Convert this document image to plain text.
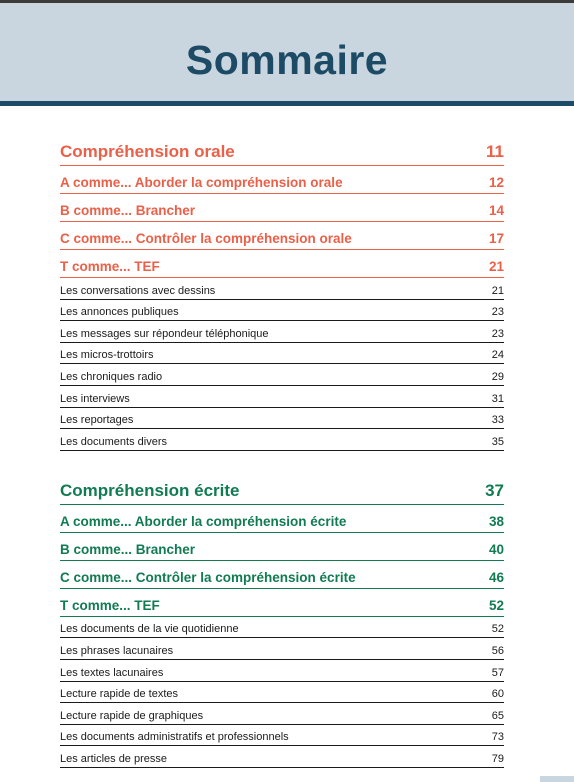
Sommaire
Compréhension orale	11
A comme... Aborder la compréhension orale	12
B comme... Brancher	14
C comme... Contrôler la compréhension orale	17
T comme... TEF	21
Les conversations avec dessins	21
Les annonces publiques	23
Les messages sur répondeur téléphonique	23
Les micros-trottoirs	24
Les chroniques radio	29
Les interviews	31
Les reportages	33
Les documents divers	35
Compréhension écrite	37
A comme... Aborder la compréhension écrite	38
B comme... Brancher	40
C comme... Contrôler la compréhension écrite	46
T comme... TEF	52
Les documents de la vie quotidienne	52
Les phrases lacunaires	56
Les textes lacunaires	57
Lecture rapide de textes	60
Lecture rapide de graphiques	65
Les documents administratifs et professionnels	73
Les articles de presse	79
